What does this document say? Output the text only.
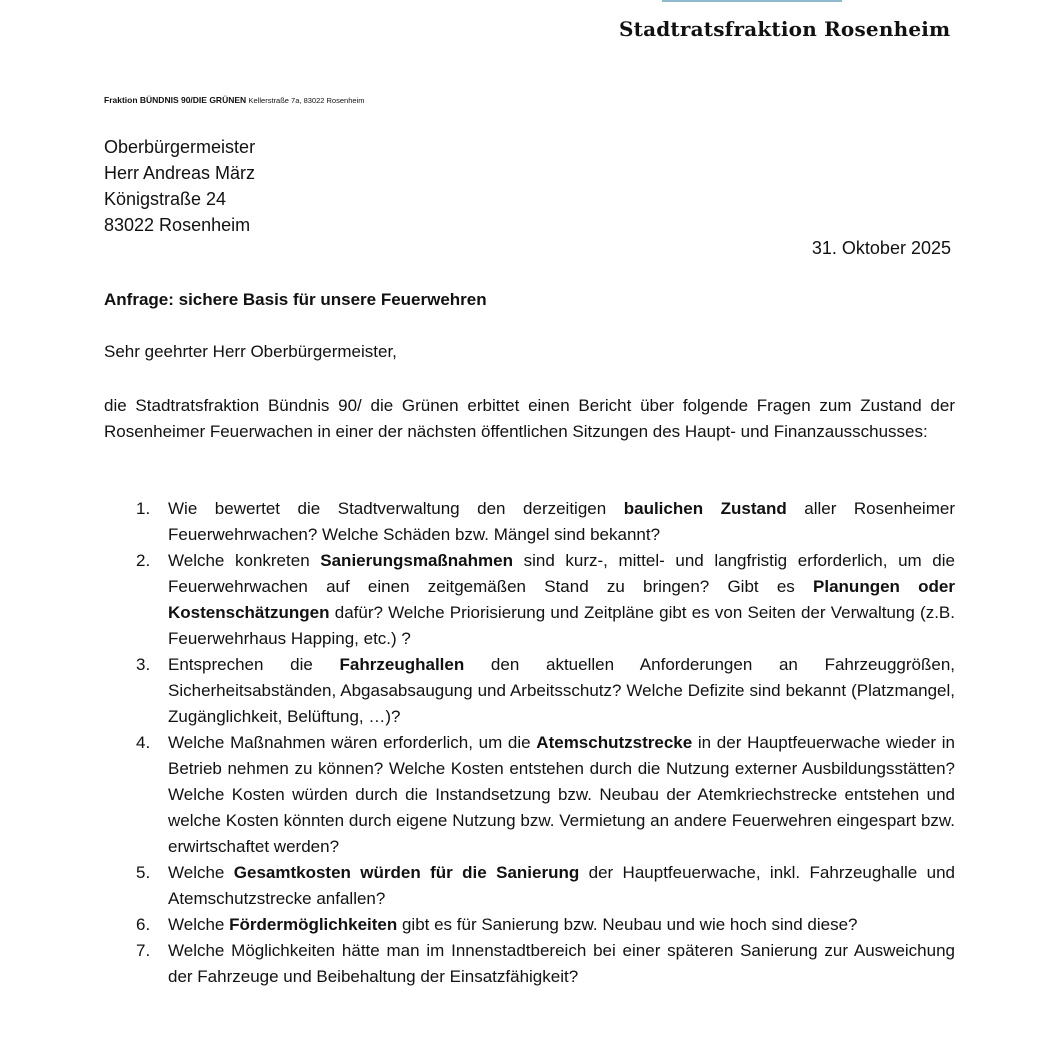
Stadtratsfraktion Rosenheim
Fraktion BÜNDNIS 90/DIE GRÜNEN Kellerstraße 7a, 83022 Rosenheim
Oberbürgermeister
Herr Andreas März
Königstraße 24
83022 Rosenheim
31. Oktober 2025
Anfrage: sichere Basis für unsere Feuerwehren
Sehr geehrter Herr Oberbürgermeister,
die Stadtratsfraktion Bündnis 90/ die Grünen erbittet einen Bericht über folgende Fragen zum Zustand der Rosenheimer Feuerwachen in einer der nächsten öffentlichen Sitzungen des Haupt- und Finanzausschusses:
1. Wie bewertet die Stadtverwaltung den derzeitigen baulichen Zustand aller Rosenheimer Feuerwehrwachen? Welche Schäden bzw. Mängel sind bekannt?
2. Welche konkreten Sanierungsmaßnahmen sind kurz-, mittel- und langfristig erforderlich, um die Feuerwehrwachen auf einen zeitgemäßen Stand zu bringen? Gibt es Planungen oder Kostenschätzungen dafür? Welche Priorisierung und Zeitpläne gibt es von Seiten der Verwaltung (z.B. Feuerwehrhaus Happing, etc.) ?
3. Entsprechen die Fahrzeughallen den aktuellen Anforderungen an Fahrzeuggrößen, Sicherheitsabständen, Abgasabsaugung und Arbeitsschutz? Welche Defizite sind bekannt (Platzmangel, Zugänglichkeit, Belüftung, …)?
4. Welche Maßnahmen wären erforderlich, um die Atemschutzstrecke in der Hauptfeuerwache wieder in Betrieb nehmen zu können? Welche Kosten entstehen durch die Nutzung externer Ausbildungsstätten? Welche Kosten würden durch die Instandsetzung bzw. Neubau der Atemkriechstrecke entstehen und welche Kosten könnten durch eigene Nutzung bzw. Vermietung an andere Feuerwehren eingespart bzw. erwirtschaftet werden?
5. Welche Gesamtkosten würden für die Sanierung der Hauptfeuerwache, inkl. Fahrzeughalle und Atemschutzstrecke anfallen?
6. Welche Fördermöglichkeiten gibt es für Sanierung bzw. Neubau und wie hoch sind diese?
7. Welche Möglichkeiten hätte man im Innenstadtbereich bei einer späteren Sanierung zur Ausweichung der Fahrzeuge und Beibehaltung der Einsatzfähigkeit?
